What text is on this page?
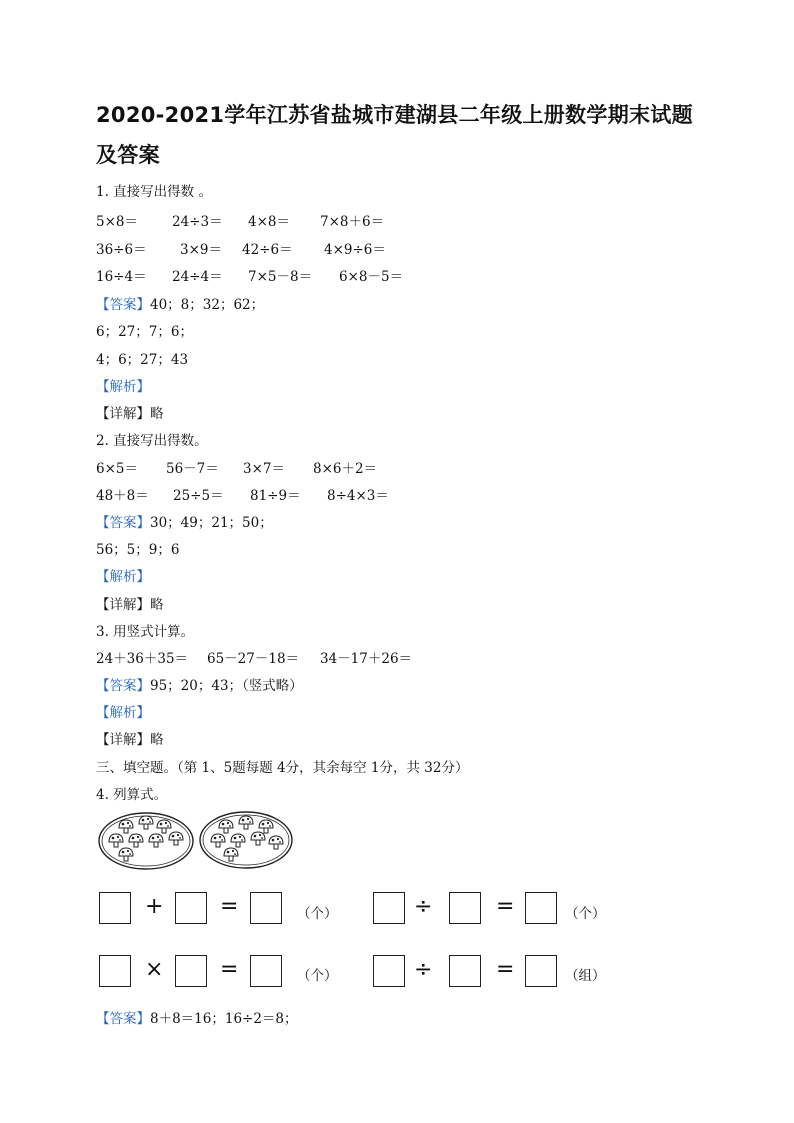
2020-2021学年江苏省盐城市建湖县二年级上册数学期末试题及答案
1. 直接写出得数 。
5×8＝	24÷3＝ 4×8＝ 7×8＋6＝
36÷6＝ 3×9＝ 42÷6＝ 4×9÷6＝
16÷4＝ 24÷4＝ 7×5－8＝ 6×8－5＝
【答案】40；8；32；62；
6；27；7；6；
4；6；27；43
【解析】
【详解】略
2. 直接写出得数。
6×5＝ 56－7＝ 3×7＝ 8×6＋2＝
48＋8＝ 25÷5＝ 81÷9＝ 8÷4×3＝
【答案】30；49；21；50；
56；5；9；6
【解析】
【详解】略
3. 用竖式计算。
24＋36＋35＝ 65－27－18＝ 34－17＋26＝
【答案】95；20；43；（竖式略）
【解析】
【详解】略
三、填空题。（第 1、5题每题 4分，其余每空 1分，共 32分）
4. 列算式。
+	=	（个）	÷	=	（个）
×	=	（个）	÷	=	（组）
【答案】8＋8＝16；16÷2＝8；
